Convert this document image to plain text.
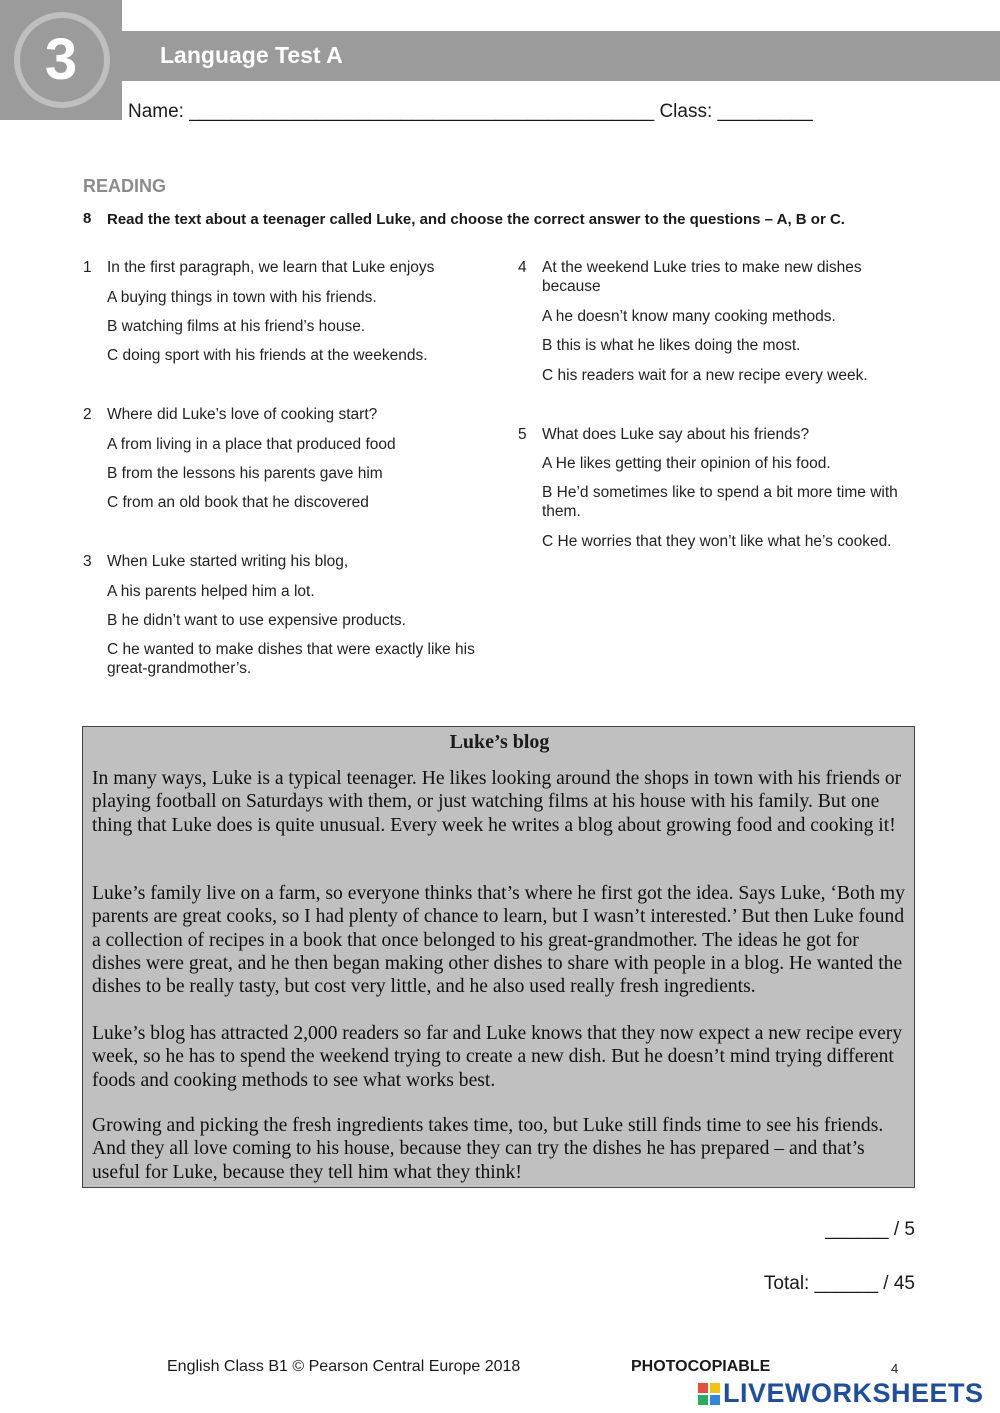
3	Language Test A
Name: ____________________________________________ Class: _________
READING
8 Read the text about a teenager called Luke, and choose the correct answer to the questions – A, B or C.
1 In the first paragraph, we learn that Luke enjoys
A buying things in town with his friends.
B watching films at his friend’s house.
C doing sport with his friends at the weekends.
2 Where did Luke’s love of cooking start?
A from living in a place that produced food
B from the lessons his parents gave him
C from an old book that he discovered
3 When Luke started writing his blog,
A his parents helped him a lot.
B he didn’t want to use expensive products.
C he wanted to make dishes that were exactly like his great-grandmother’s.
4 At the weekend Luke tries to make new dishes because
A he doesn’t know many cooking methods.
B this is what he likes doing the most.
C his readers wait for a new recipe every week.
5 What does Luke say about his friends?
A He likes getting their opinion of his food.
B He’d sometimes like to spend a bit more time with them.
C He worries that they won’t like what he’s cooked.
Luke’s blog
In many ways, Luke is a typical teenager. He likes looking around the shops in town with his friends or playing football on Saturdays with them, or just watching films at his house with his family. But one thing that Luke does is quite unusual. Every week he writes a blog about growing food and cooking it!
Luke’s family live on a farm, so everyone thinks that’s where he first got the idea. Says Luke, ‘Both my parents are great cooks, so I had plenty of chance to learn, but I wasn’t interested.’ But then Luke found a collection of recipes in a book that once belonged to his great-grandmother. The ideas he got for dishes were great, and he then began making other dishes to share with people in a blog. He wanted the dishes to be really tasty, but cost very little, and he also used really fresh ingredients.
Luke’s blog has attracted 2,000 readers so far and Luke knows that they now expect a new recipe every week, so he has to spend the weekend trying to create a new dish. But he doesn’t mind trying different foods and cooking methods to see what works best.
Growing and picking the fresh ingredients takes time, too, but Luke still finds time to see his friends. And they all love coming to his house, because they can try the dishes he has prepared – and that’s useful for Luke, because they tell him what they think!
______ / 5
Total: ______ / 45
English Class B1 © Pearson Central Europe 2018	PHOTOCOPIABLE	4
LIVEWORKSHEETS
